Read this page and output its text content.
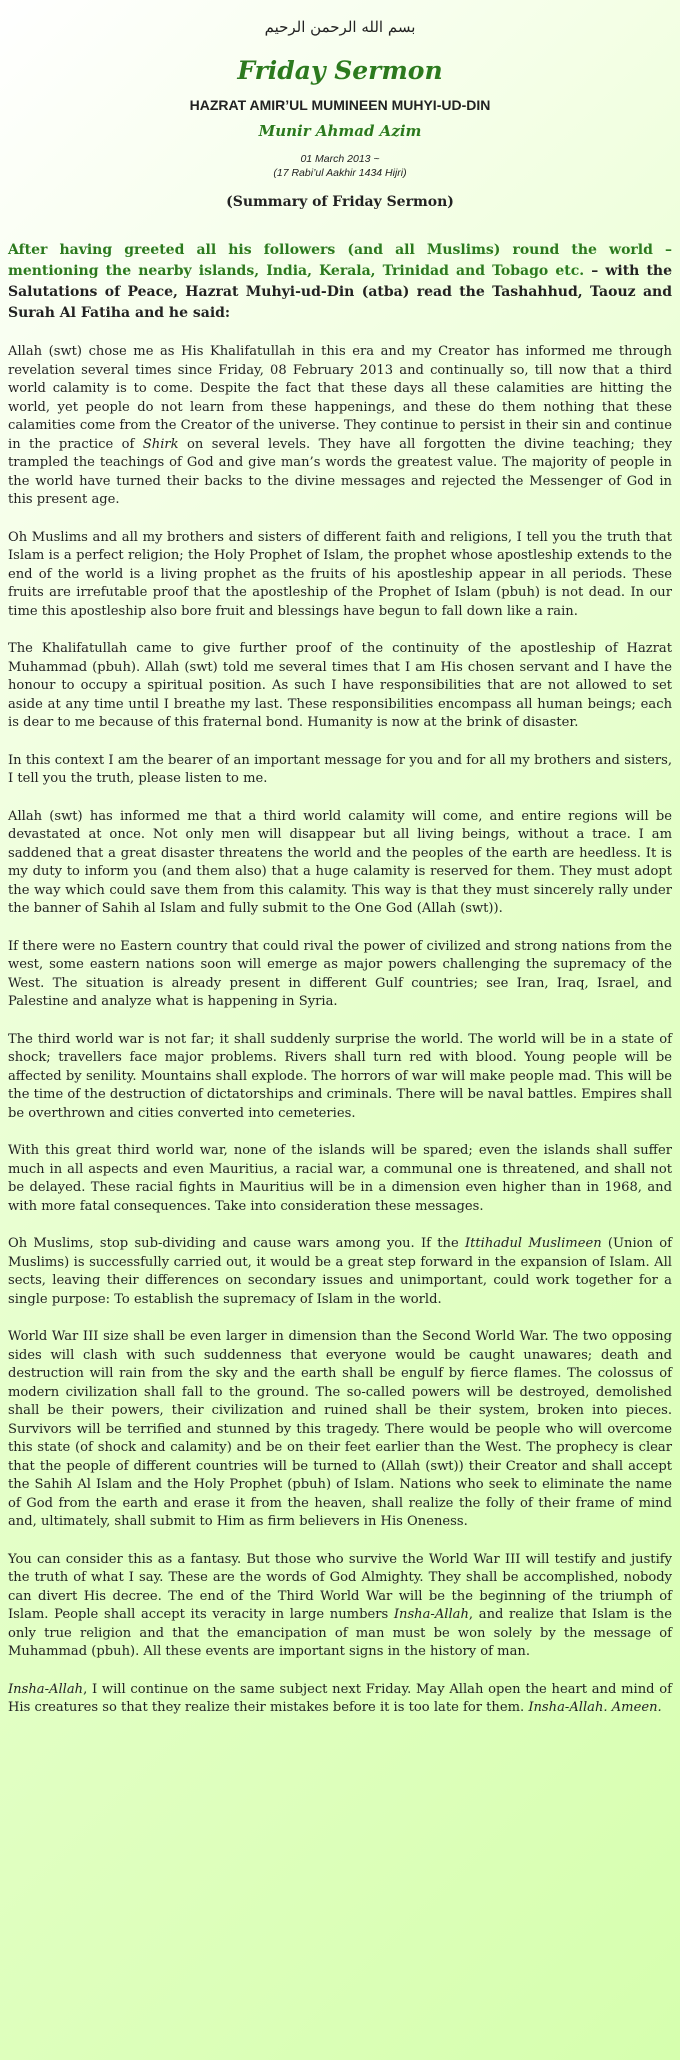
بسم الله الرحمن الرحيم
Friday Sermon
HAZRAT AMIR’UL MUMINEEN MUHYI-UD-DIN
Munir Ahmad Azim
01 March 2013 ~
(17 Rabi’ul Aakhir 1434 Hijri)
(Summary of Friday Sermon)
After having greeted all his followers (and all Muslims) round the world – mentioning the nearby islands, India, Kerala, Trinidad and Tobago etc. – with the Salutations of Peace, Hazrat Muhyi-ud-Din (atba) read the Tashahhud, Taouz and Surah Al Fatiha and he said:

Allah (swt) chose me as His Khalifatullah in this era and my Creator has informed me through revelation several times since Friday, 08 February 2013 and continually so, till now that a third world calamity is to come. Despite the fact that these days all these calamities are hitting the world, yet people do not learn from these happenings, and these do them nothing that these calamities come from the Creator of the universe. They continue to persist in their sin and continue in the practice of Shirk on several levels. They have all forgotten the divine teaching; they trampled the teachings of God and give man’s words the greatest value. The majority of people in the world have turned their backs to the divine messages and rejected the Messenger of God in this present age.

Oh Muslims and all my brothers and sisters of different faith and religions, I tell you the truth that Islam is a perfect religion; the Holy Prophet of Islam, the prophet whose apostleship extends to the end of the world is a living prophet as the fruits of his apostleship appear in all periods. These fruits are irrefutable proof that the apostleship of the Prophet of Islam (pbuh) is not dead. In our time this apostleship also bore fruit and blessings have begun to fall down like a rain.

The Khalifatullah came to give further proof of the continuity of the apostleship of Hazrat Muhammad (pbuh). Allah (swt) told me several times that I am His chosen servant and I have the honour to occupy a spiritual position. As such I have responsibilities that are not allowed to set aside at any time until I breathe my last. These responsibilities encompass all human beings; each is dear to me because of this fraternal bond. Humanity is now at the brink of disaster.

In this context I am the bearer of an important message for you and for all my brothers and sisters, I tell you the truth, please listen to me.

Allah (swt) has informed me that a third world calamity will come, and entire regions will be devastated at once. Not only men will disappear but all living beings, without a trace. I am saddened that a great disaster threatens the world and the peoples of the earth are heedless. It is my duty to inform you (and them also) that a huge calamity is reserved for them. They must adopt the way which could save them from this calamity. This way is that they must sincerely rally under the banner of Sahih al Islam and fully submit to the One God (Allah (swt)).

If there were no Eastern country that could rival the power of civilized and strong nations from the west, some eastern nations soon will emerge as major powers challenging the supremacy of the West. The situation is already present in different Gulf countries; see Iran, Iraq, Israel, and Palestine and analyze what is happening in Syria.

The third world war is not far; it shall suddenly surprise the world. The world will be in a state of shock; travellers face major problems. Rivers shall turn red with blood. Young people will be affected by senility. Mountains shall explode. The horrors of war will make people mad. This will be the time of the destruction of dictatorships and criminals. There will be naval battles. Empires shall be overthrown and cities converted into cemeteries.

With this great third world war, none of the islands will be spared; even the islands shall suffer much in all aspects and even Mauritius, a racial war, a communal one is threatened, and shall not be delayed. These racial fights in Mauritius will be in a dimension even higher than in 1968, and with more fatal consequences. Take into consideration these messages.

Oh Muslims, stop sub-dividing and cause wars among you. If the Ittihadul Muslimeen (Union of Muslims) is successfully carried out, it would be a great step forward in the expansion of Islam. All sects, leaving their differences on secondary issues and unimportant, could work together for a single purpose: To establish the supremacy of Islam in the world.

World War III size shall be even larger in dimension than the Second World War. The two opposing sides will clash with such suddenness that everyone would be caught unawares; death and destruction will rain from the sky and the earth shall be engulf by fierce flames. The colossus of modern civilization shall fall to the ground. The so-called powers will be destroyed, demolished shall be their powers, their civilization and ruined shall be their system, broken into pieces. Survivors will be terrified and stunned by this tragedy. There would be people who will overcome this state (of shock and calamity) and be on their feet earlier than the West. The prophecy is clear that the people of different countries will be turned to (Allah (swt)) their Creator and shall accept the Sahih Al Islam and the Holy Prophet (pbuh) of Islam. Nations who seek to eliminate the name of God from the earth and erase it from the heaven, shall realize the folly of their frame of mind and, ultimately, shall submit to Him as firm believers in His Oneness.

You can consider this as a fantasy. But those who survive the World War III will testify and justify the truth of what I say. These are the words of God Almighty. They shall be accomplished, nobody can divert His decree. The end of the Third World War will be the beginning of the triumph of Islam. People shall accept its veracity in large numbers Insha-Allah, and realize that Islam is the only true religion and that the emancipation of man must be won solely by the message of Muhammad (pbuh). All these events are important signs in the history of man.

Insha-Allah, I will continue on the same subject next Friday. May Allah open the heart and mind of His creatures so that they realize their mistakes before it is too late for them. Insha-Allah. Ameen.
